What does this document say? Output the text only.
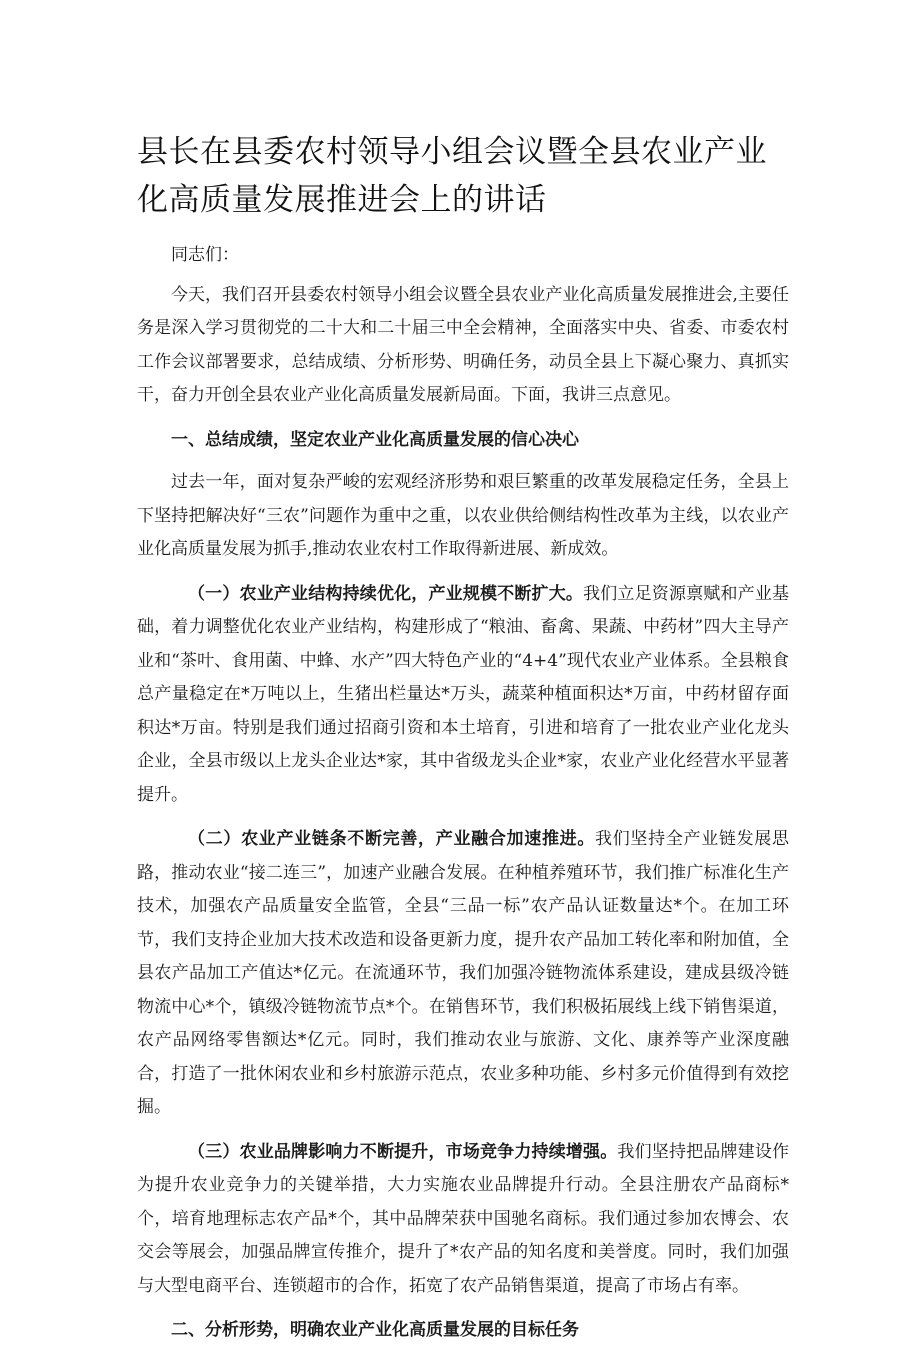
县长在县委农村领导小组会议暨全县农业产业化高质量发展推进会上的讲话

同志们：

今天，我们召开县委农村领导小组会议暨全县农业产业化高质量发展推进会,主要任务是深入学习贯彻党的二十大和二十届三中全会精神，全面落实中央、省委、市委农村工作会议部署要求，总结成绩、分析形势、明确任务，动员全县上下凝心聚力、真抓实干，奋力开创全县农业产业化高质量发展新局面。下面，我讲三点意见。

一、总结成绩，坚定农业产业化高质量发展的信心决心

过去一年，面对复杂严峻的宏观经济形势和艰巨繁重的改革发展稳定任务，全县上下坚持把解决好“三农”问题作为重中之重，以农业供给侧结构性改革为主线，以农业产业化高质量发展为抓手,推动农业农村工作取得新进展、新成效。

（一）农业产业结构持续优化，产业规模不断扩大。我们立足资源禀赋和产业基础，着力调整优化农业产业结构，构建形成了“粮油、畜禽、果蔬、中药材”四大主导产业和“茶叶、食用菌、中蜂、水产”四大特色产业的“4+4”现代农业产业体系。全县粮食总产量稳定在*万吨以上，生猪出栏量达*万头，蔬菜种植面积达*万亩，中药材留存面积达*万亩。特别是我们通过招商引资和本土培育，引进和培育了一批农业产业化龙头企业，全县市级以上龙头企业达*家，其中省级龙头企业*家，农业产业化经营水平显著提升。

（二）农业产业链条不断完善，产业融合加速推进。我们坚持全产业链发展思路，推动农业“接二连三”，加速产业融合发展。在种植养殖环节，我们推广标准化生产技术，加强农产品质量安全监管，全县“三品一标”农产品认证数量达*个。在加工环节，我们支持企业加大技术改造和设备更新力度，提升农产品加工转化率和附加值，全县农产品加工产值达*亿元。在流通环节，我们加强冷链物流体系建设，建成县级冷链物流中心*个，镇级冷链物流节点*个。在销售环节，我们积极拓展线上线下销售渠道，农产品网络零售额达*亿元。同时，我们推动农业与旅游、文化、康养等产业深度融合，打造了一批休闲农业和乡村旅游示范点，农业多种功能、乡村多元价值得到有效挖掘。

（三）农业品牌影响力不断提升，市场竞争力持续增强。我们坚持把品牌建设作为提升农业竞争力的关键举措，大力实施农业品牌提升行动。全县注册农产品商标*个，培育地理标志农产品*个，其中品牌荣获中国驰名商标。我们通过参加农博会、农交会等展会，加强品牌宣传推介，提升了*农产品的知名度和美誉度。同时，我们加强与大型电商平台、连锁超市的合作，拓宽了农产品销售渠道，提高了市场占有率。

二、分析形势，明确农业产业化高质量发展的目标任务
